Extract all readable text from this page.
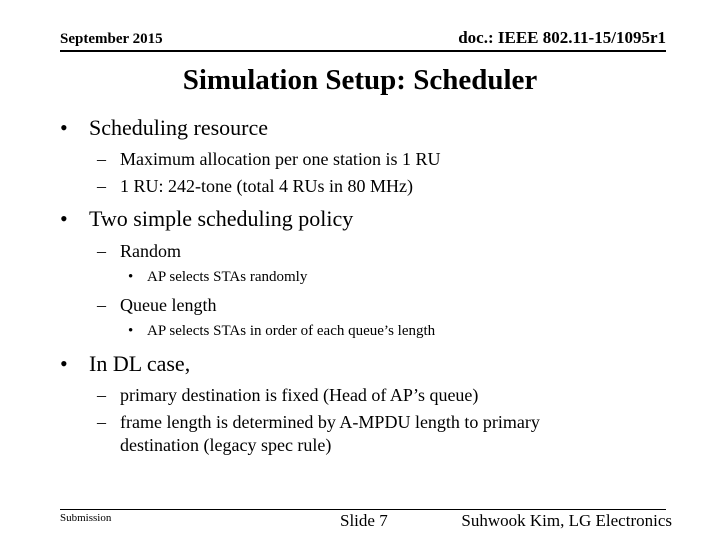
September 2015	doc.: IEEE 802.11-15/1095r1
Simulation Setup: Scheduler
• Scheduling resource
– Maximum allocation per one station is 1 RU
– 1 RU: 242-tone (total 4 RUs in 80 MHz)
• Two simple scheduling policy
– Random
• AP selects STAs randomly
– Queue length
• AP selects STAs in order of each queue’s length
• In DL case,
– primary destination is fixed (Head of AP’s queue)
– frame length is determined by A-MPDU length to primary
destination (legacy spec rule)
Submission	Slide 7	Suhwook Kim, LG Electronics
